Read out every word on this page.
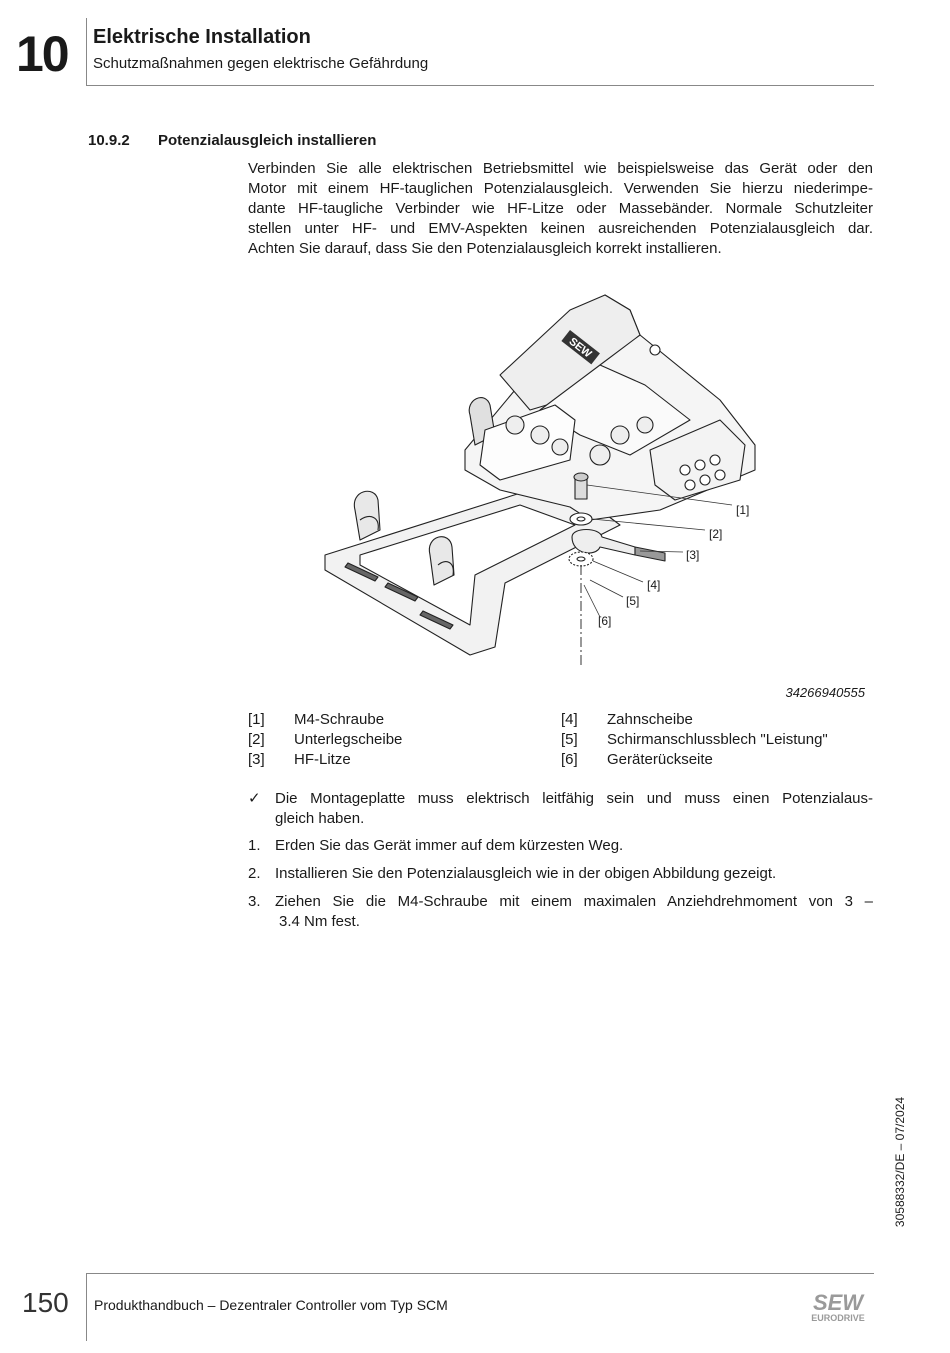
10 Elektrische Installation
Schutzmaßnahmen gegen elektrische Gefährdung
10.9.2 Potenzialausgleich installieren
Verbinden Sie alle elektrischen Betriebsmittel wie beispielsweise das Gerät oder den
Motor mit einem HF-tauglichen Potenzialausgleich. Verwenden Sie hierzu niederimpe-
dante HF-taugliche Verbinder wie HF-Litze oder Massebänder. Normale Schutzleiter
stellen unter HF- und EMV-Aspekten keinen ausreichenden Potenzialausgleich dar.
Achten Sie darauf, dass Sie den Potenzialausgleich korrekt installieren.
SEW
[1]
[2]
[3]
[4]
[5]
[6]
34266940555
[1] M4-Schraube
[2] Unterlegscheibe
[3] HF-Litze
[4] Zahnscheibe
[5] Schirmanschlussblech "Leistung"
[6] Geräterückseite
✓ Die Montageplatte muss elektrisch leitfähig sein und muss einen Potenzialaus-
gleich haben.
1. Erden Sie das Gerät immer auf dem kürzesten Weg.
2. Installieren Sie den Potenzialausgleich wie in der obigen Abbildung gezeigt.
3. Ziehen Sie die M4-Schraube mit einem maximalen Anziehdrehmoment von 3 –
3.4 Nm fest.
30588332/DE – 07/2024
150 Produkthandbuch – Dezentraler Controller vom Typ SCM	SEW
EURODRIVE
